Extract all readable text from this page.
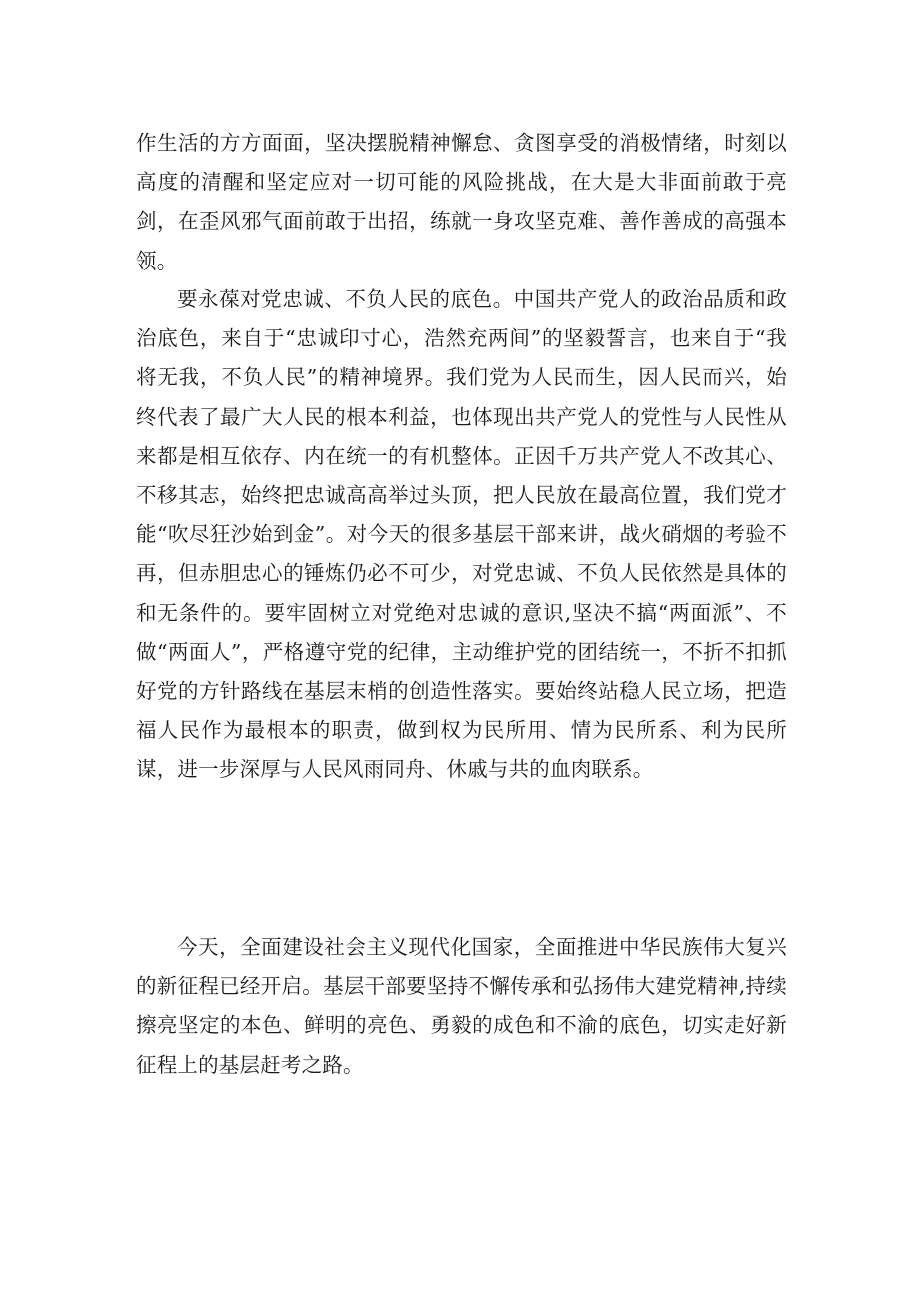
作生活的方方面面，坚决摆脱精神懈怠、贪图享受的消极情绪，时刻以高度的清醒和坚定应对一切可能的风险挑战，在大是大非面前敢于亮剑，在歪风邪气面前敢于出招，练就一身攻坚克难、善作善成的高强本领。

要永葆对党忠诚、不负人民的底色。中国共产党人的政治品质和政治底色，来自于“忠诚印寸心，浩然充两间”的坚毅誓言，也来自于“我将无我，不负人民”的精神境界。我们党为人民而生，因人民而兴，始终代表了最广大人民的根本利益，也体现出共产党人的党性与人民性从来都是相互依存、内在统一的有机整体。正因千万共产党人不改其心、不移其志，始终把忠诚高高举过头顶，把人民放在最高位置，我们党才能“吹尽狂沙始到金”。对今天的很多基层干部来讲，战火硝烟的考验不再，但赤胆忠心的锤炼仍必不可少，对党忠诚、不负人民依然是具体的和无条件的。要牢固树立对党绝对忠诚的意识,坚决不搞“两面派”、不做“两面人”，严格遵守党的纪律，主动维护党的团结统一，不折不扣抓好党的方针路线在基层末梢的创造性落实。要始终站稳人民立场，把造福人民作为最根本的职责，做到权为民所用、情为民所系、利为民所谋，进一步深厚与人民风雨同舟、休戚与共的血肉联系。

今天，全面建设社会主义现代化国家，全面推进中华民族伟大复兴的新征程已经开启。基层干部要坚持不懈传承和弘扬伟大建党精神,持续擦亮坚定的本色、鲜明的亮色、勇毅的成色和不渝的底色，切实走好新征程上的基层赶考之路。
